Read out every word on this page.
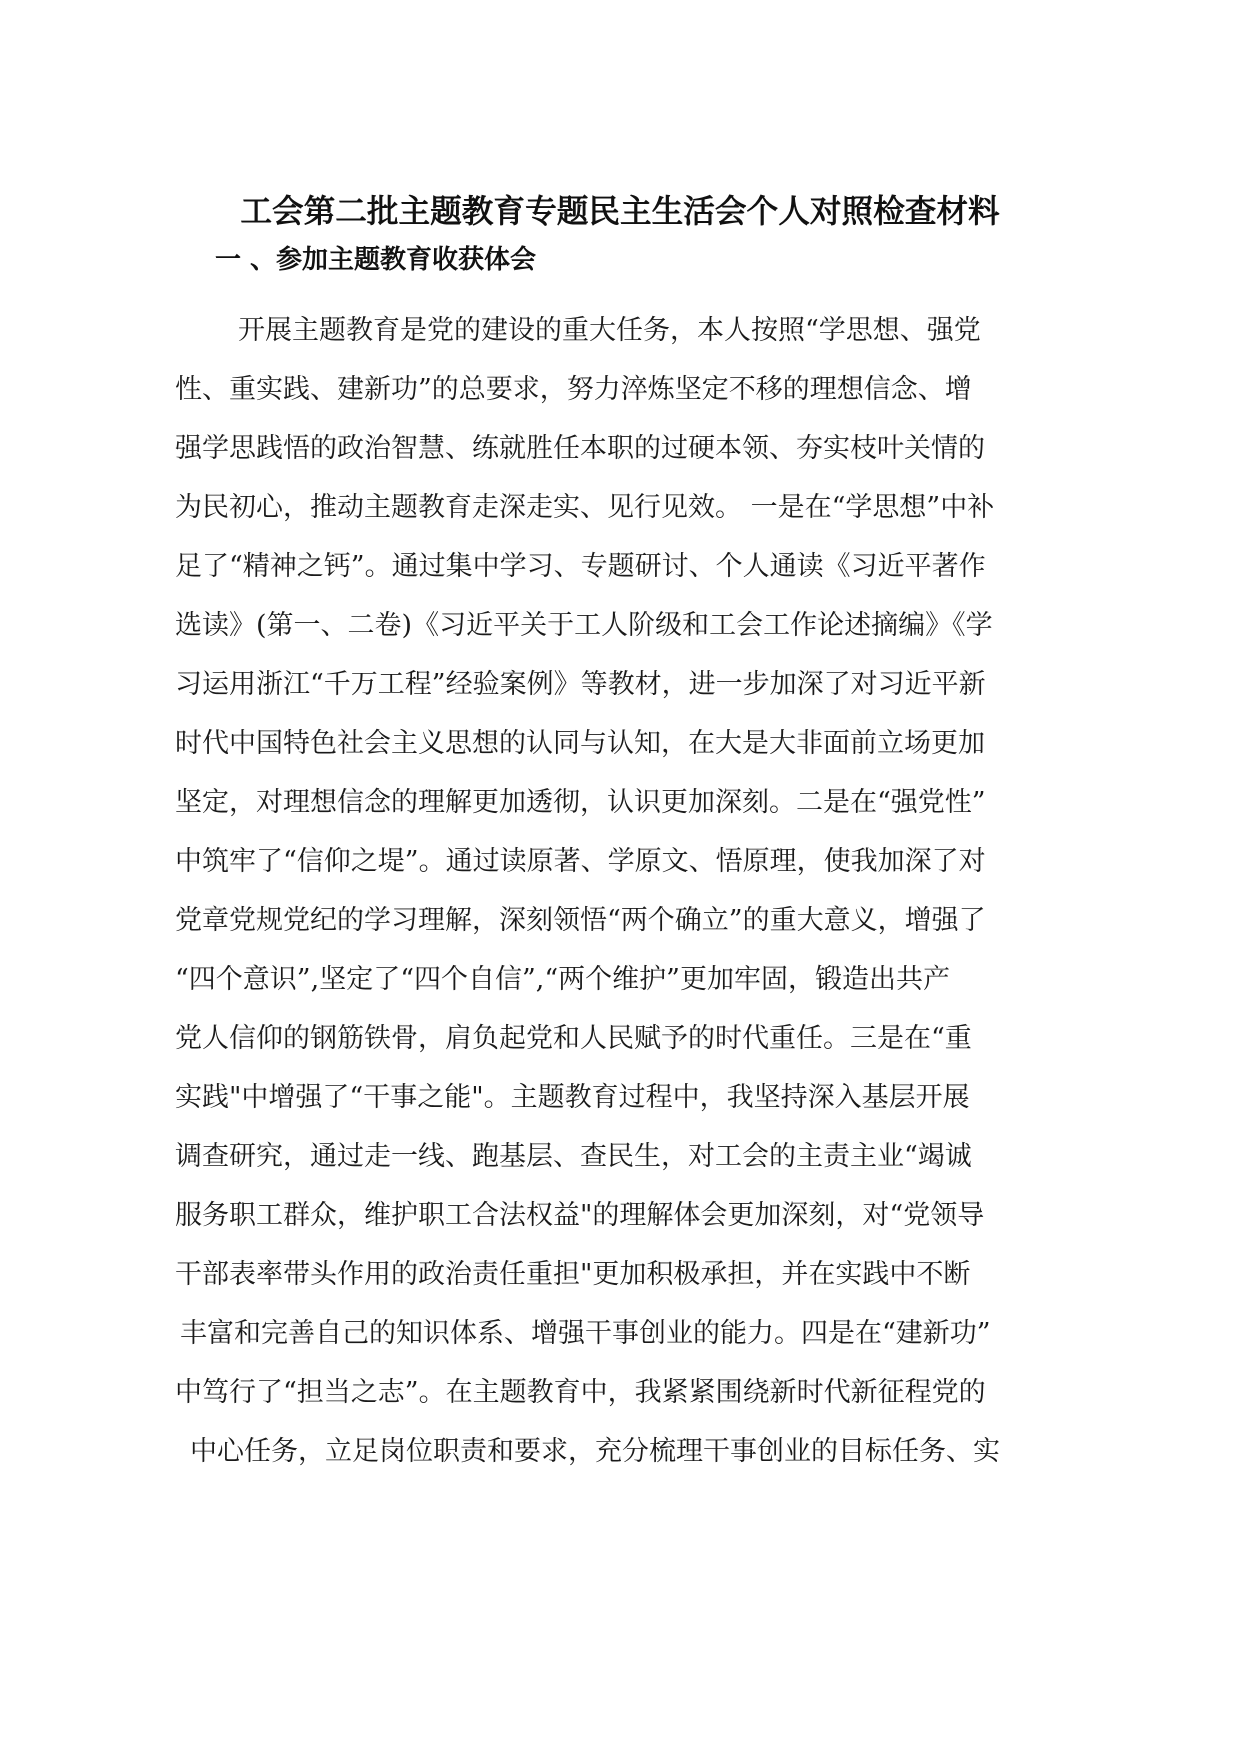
工会第二批主题教育专题民主生活会个人对照检查材料
一 、参加主题教育收获体会
开展主题教育是党的建设的重大任务，本人按照“学思想、强党
性、重实践、建新功”的总要求，努力淬炼坚定不移的理想信念、增
强学思践悟的政治智慧、练就胜任本职的过硬本领、夯实枝叶关情的
为民初心，推动主题教育走深走实、见行见效。 一是在“学思想”中补
足了“精神之钙”。通过集中学习、专题研讨、个人通读《习近平著作
选读》(第一、二卷)《习近平关于工人阶级和工会工作论述摘编》《学
习运用浙江“千万工程”经验案例》等教材，进一步加深了对习近平新
时代中国特色社会主义思想的认同与认知，在大是大非面前立场更加
坚定，对理想信念的理解更加透彻，认识更加深刻。二是在“强党性”
中筑牢了“信仰之堤”。通过读原著、学原文、悟原理，使我加深了对
党章党规党纪的学习理解，深刻领悟“两个确立”的重大意义，增强了
“四个意识”,坚定了“四个自信”,“两个维护”更加牢固，锻造出共产
党人信仰的钢筋铁骨，肩负起党和人民赋予的时代重任。三是在“重
实践"中增强了“干事之能"。主题教育过程中，我坚持深入基层开展
调查研究，通过走一线、跑基层、查民生，对工会的主责主业“竭诚
服务职工群众，维护职工合法权益"的理解体会更加深刻，对“党领导
干部表率带头作用的政治责任重担"更加积极承担，并在实践中不断
丰富和完善自己的知识体系、增强干事创业的能力。四是在“建新功”
中笃行了“担当之志”。在主题教育中，我紧紧围绕新时代新征程党的
中心任务，立足岗位职责和要求，充分梳理干事创业的目标任务、实
